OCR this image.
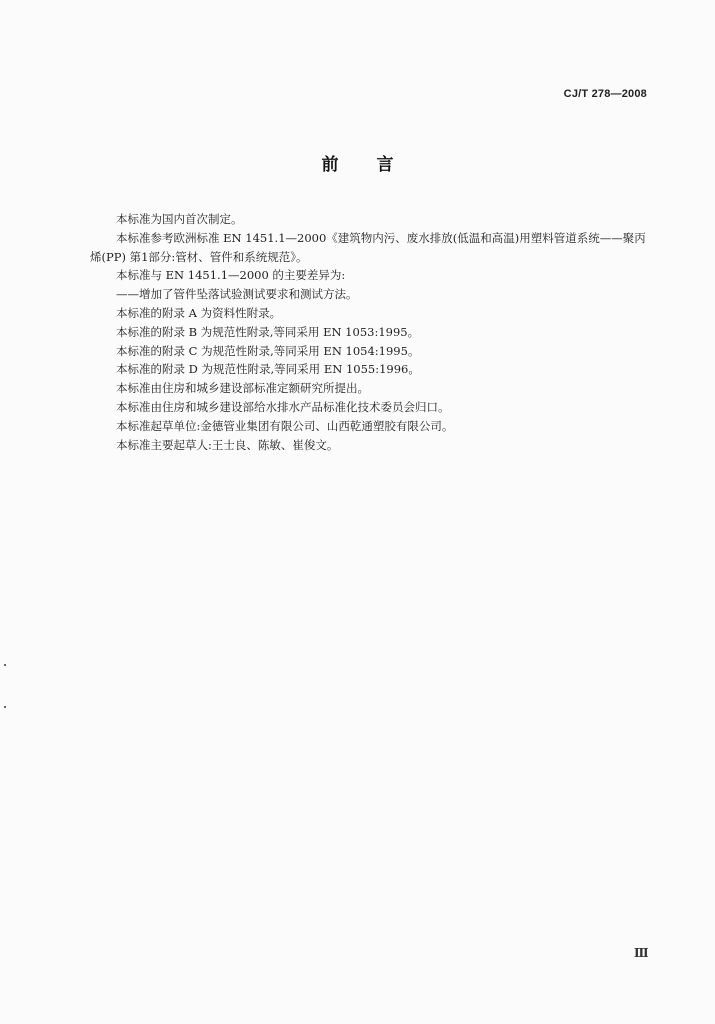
CJ/T 278—2008
前言

本标准为国内首次制定。

本标准参考欧洲标准 EN 1451.1—2000《建筑物内污、废水排放(低温和高温)用塑料管道系统——聚丙烯(PP) 第1部分:管材、管件和系统规范》。

本标准与 EN 1451.1—2000 的主要差异为:

——增加了管件坠落试验测试要求和测试方法。

本标准的附录 A 为资料性附录。

本标准的附录 B 为规范性附录,等同采用 EN 1053:1995。

本标准的附录 C 为规范性附录,等同采用 EN 1054:1995。

本标准的附录 D 为规范性附录,等同采用 EN 1055:1996。

本标准由住房和城乡建设部标准定额研究所提出。

本标准由住房和城乡建设部给水排水产品标准化技术委员会归口。

本标准起草单位:金德管业集团有限公司、山西乾通塑胶有限公司。

本标准主要起草人:王士良、陈敏、崔俊文。

Ⅲ
